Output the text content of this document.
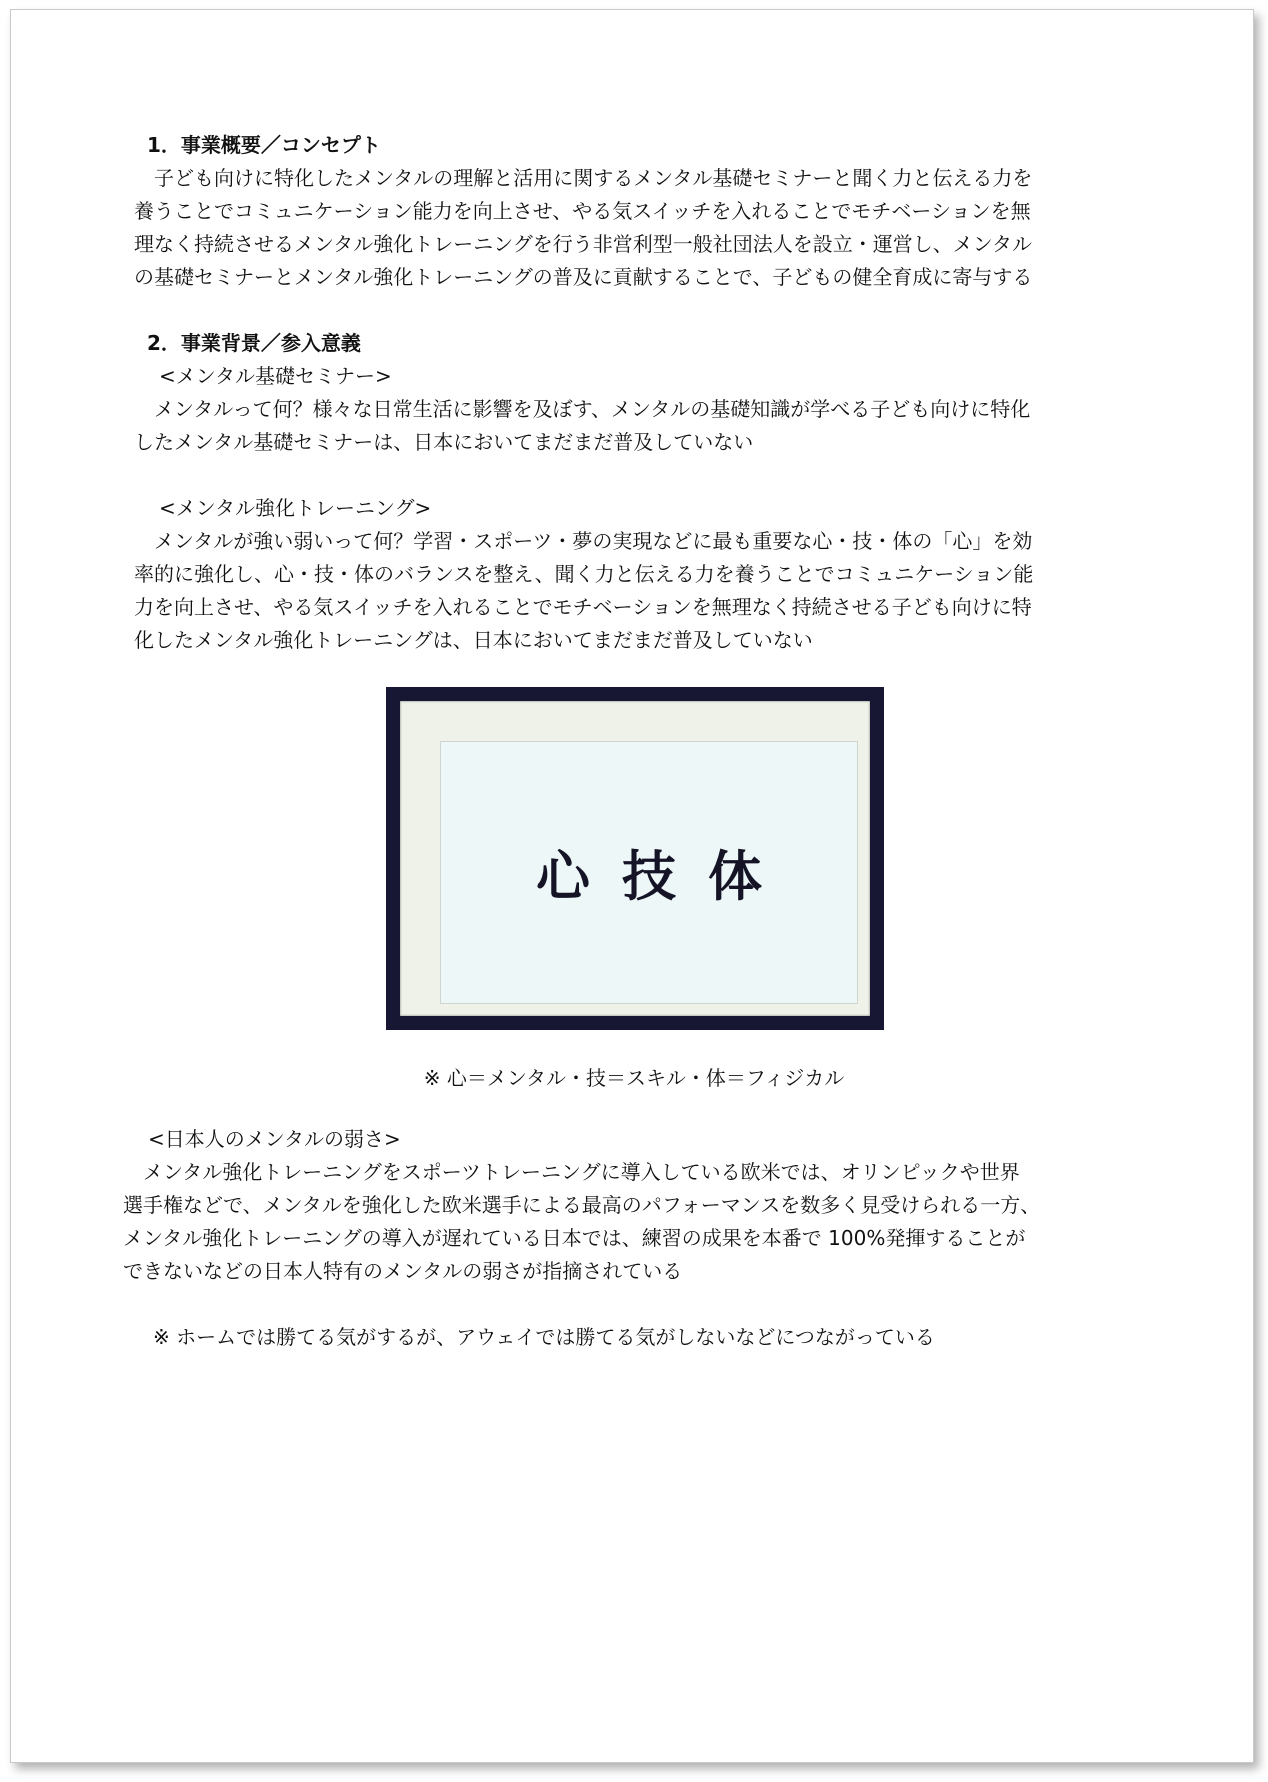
1．事業概要／コンセプト
子ども向けに特化したメンタルの理解と活用に関するメンタル基礎セミナーと聞く力と伝える力を
養うことでコミュニケーション能力を向上させ、やる気スイッチを入れることでモチベーションを無
理なく持続させるメンタル強化トレーニングを行う非営利型一般社団法人を設立・運営し、メンタル
の基礎セミナーとメンタル強化トレーニングの普及に貢献することで、子どもの健全育成に寄与する
2．事業背景／参入意義
<メンタル基礎セミナー>
メンタルって何？様々な日常生活に影響を及ぼす、メンタルの基礎知識が学べる子ども向けに特化
したメンタル基礎セミナーは、日本においてまだまだ普及していない
<メンタル強化トレーニング>
メンタルが強い弱いって何？学習・スポーツ・夢の実現などに最も重要な心・技・体の「心」を効
率的に強化し、心・技・体のバランスを整え、聞く力と伝える力を養うことでコミュニケーション能
力を向上させ、やる気スイッチを入れることでモチベーションを無理なく持続させる子ども向けに特
化したメンタル強化トレーニングは、日本においてまだまだ普及していない
心 技 体
※ 心＝メンタル・技＝スキル・体＝フィジカル
<日本人のメンタルの弱さ>
メンタル強化トレーニングをスポーツトレーニングに導入している欧米では、オリンピックや世界
選手権などで、メンタルを強化した欧米選手による最高のパフォーマンスを数多く見受けられる一方、
メンタル強化トレーニングの導入が遅れている日本では、練習の成果を本番で 100%発揮することが
できないなどの日本人特有のメンタルの弱さが指摘されている
※ ホームでは勝てる気がするが、アウェイでは勝てる気がしないなどにつながっている
